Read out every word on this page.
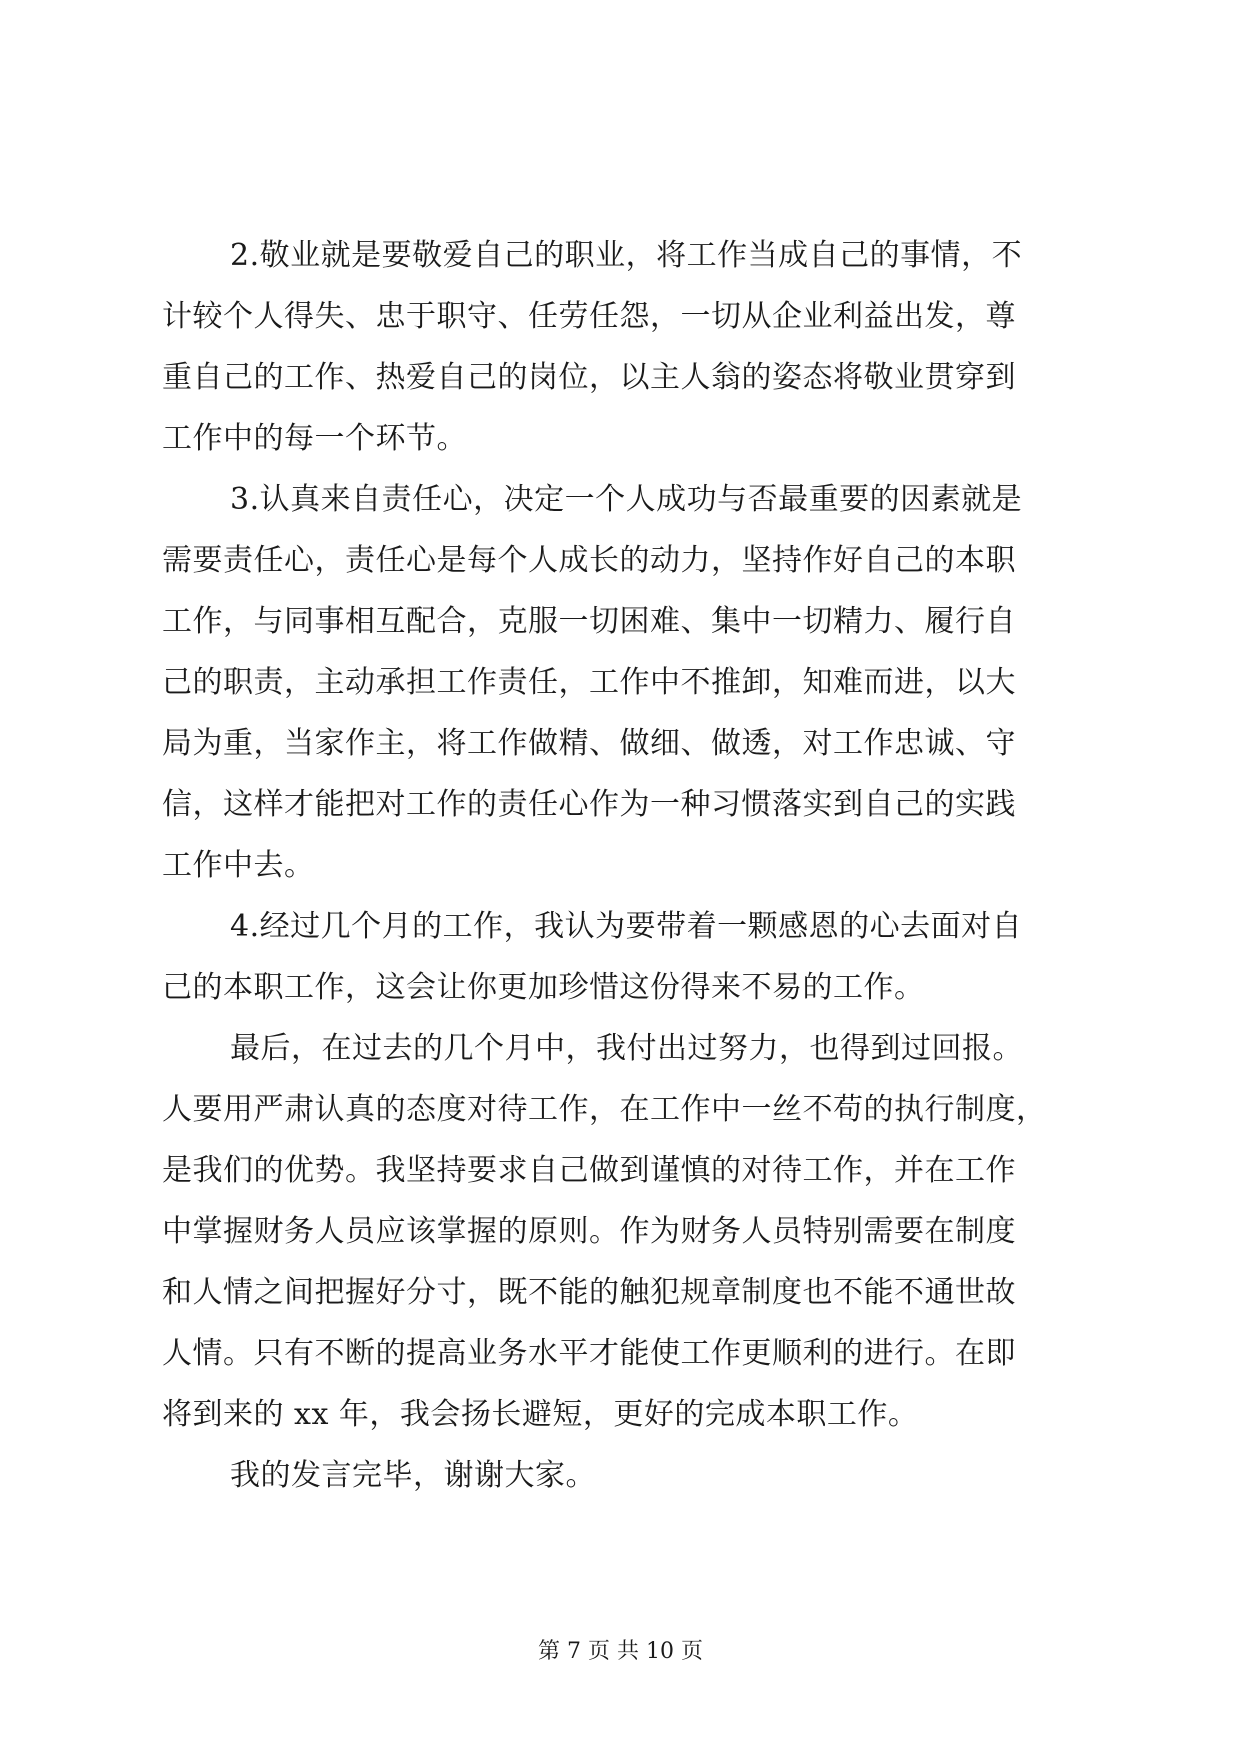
2.敬业就是要敬爱自己的职业，将工作当成自己的事情，不
计较个人得失、忠于职守、任劳任怨，一切从企业利益出发，尊
重自己的工作、热爱自己的岗位，以主人翁的姿态将敬业贯穿到
工作中的每一个环节。
3.认真来自责任心，决定一个人成功与否最重要的因素就是
需要责任心，责任心是每个人成长的动力，坚持作好自己的本职
工作，与同事相互配合，克服一切困难、集中一切精力、履行自
己的职责，主动承担工作责任，工作中不推卸，知难而进，以大
局为重，当家作主，将工作做精、做细、做透，对工作忠诚、守
信，这样才能把对工作的责任心作为一种习惯落实到自己的实践
工作中去。
4.经过几个月的工作，我认为要带着一颗感恩的心去面对自
己的本职工作，这会让你更加珍惜这份得来不易的工作。
最后，在过去的几个月中，我付出过努力，也得到过回报。
人要用严肃认真的态度对待工作，在工作中一丝不苟的执行制度，
是我们的优势。我坚持要求自己做到谨慎的对待工作，并在工作
中掌握财务人员应该掌握的原则。作为财务人员特别需要在制度
和人情之间把握好分寸，既不能的触犯规章制度也不能不通世故
人情。只有不断的提高业务水平才能使工作更顺利的进行。在即
将到来的 xx 年，我会扬长避短，更好的完成本职工作。
我的发言完毕，谢谢大家。
第 7 页 共 10 页
